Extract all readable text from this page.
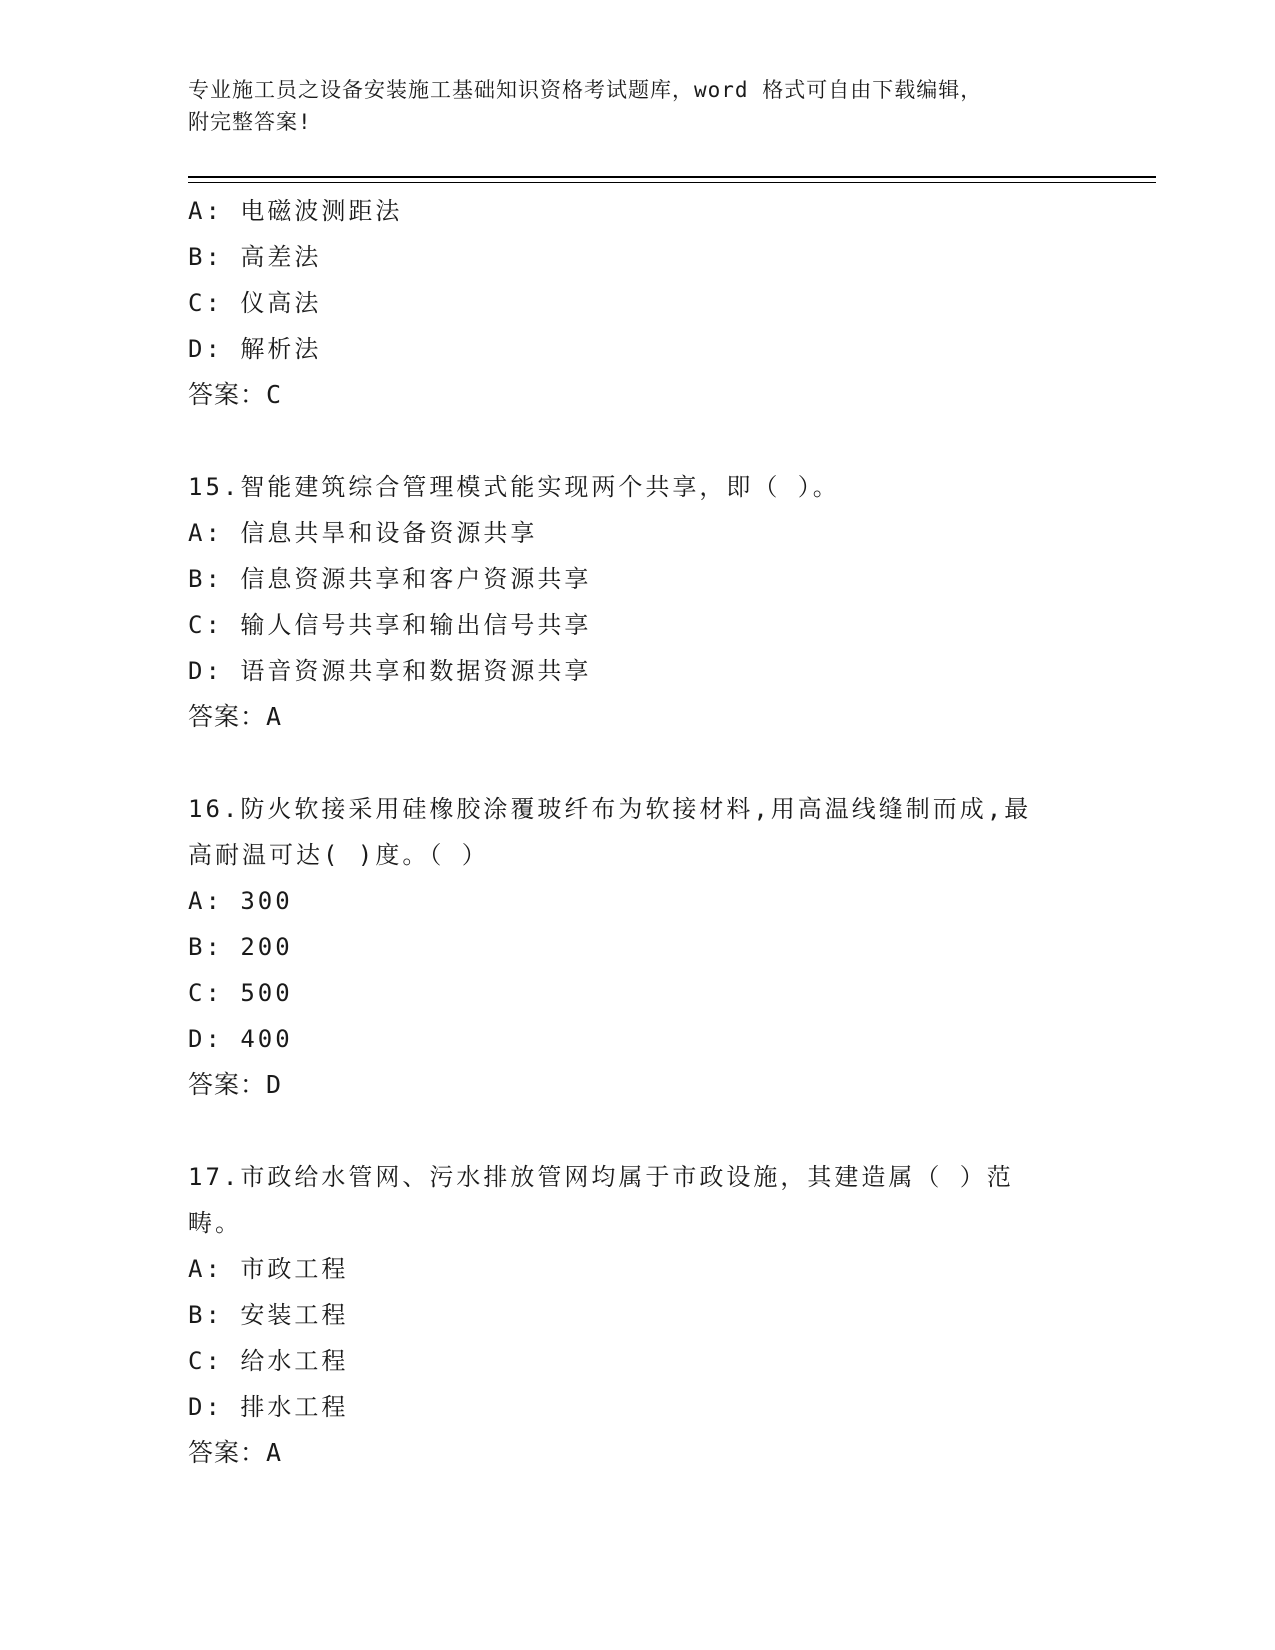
专业施工员之设备安装施工基础知识资格考试题库，word 格式可自由下载编辑，
附完整答案!
A: 电磁波测距法
B: 高差法
C: 仪高法
D: 解析法
答案：C
15.智能建筑综合管理模式能实现两个共享，即（ ）。
A: 信息共旱和设备资源共享
B: 信息资源共享和客户资源共享
C: 输人信号共享和输出信号共享
D: 语音资源共享和数据资源共享
答案：A
16.防火软接采用硅橡胶涂覆玻纤布为软接材料,用高温线缝制而成,最
高耐温可达( )度。（ ）
A: 300
B: 200
C: 500
D: 400
答案：D
17.市政给水管网、污水排放管网均属于市政设施，其建造属（ ）范
畴。
A: 市政工程
B: 安装工程
C: 给水工程
D: 排水工程
答案：A
